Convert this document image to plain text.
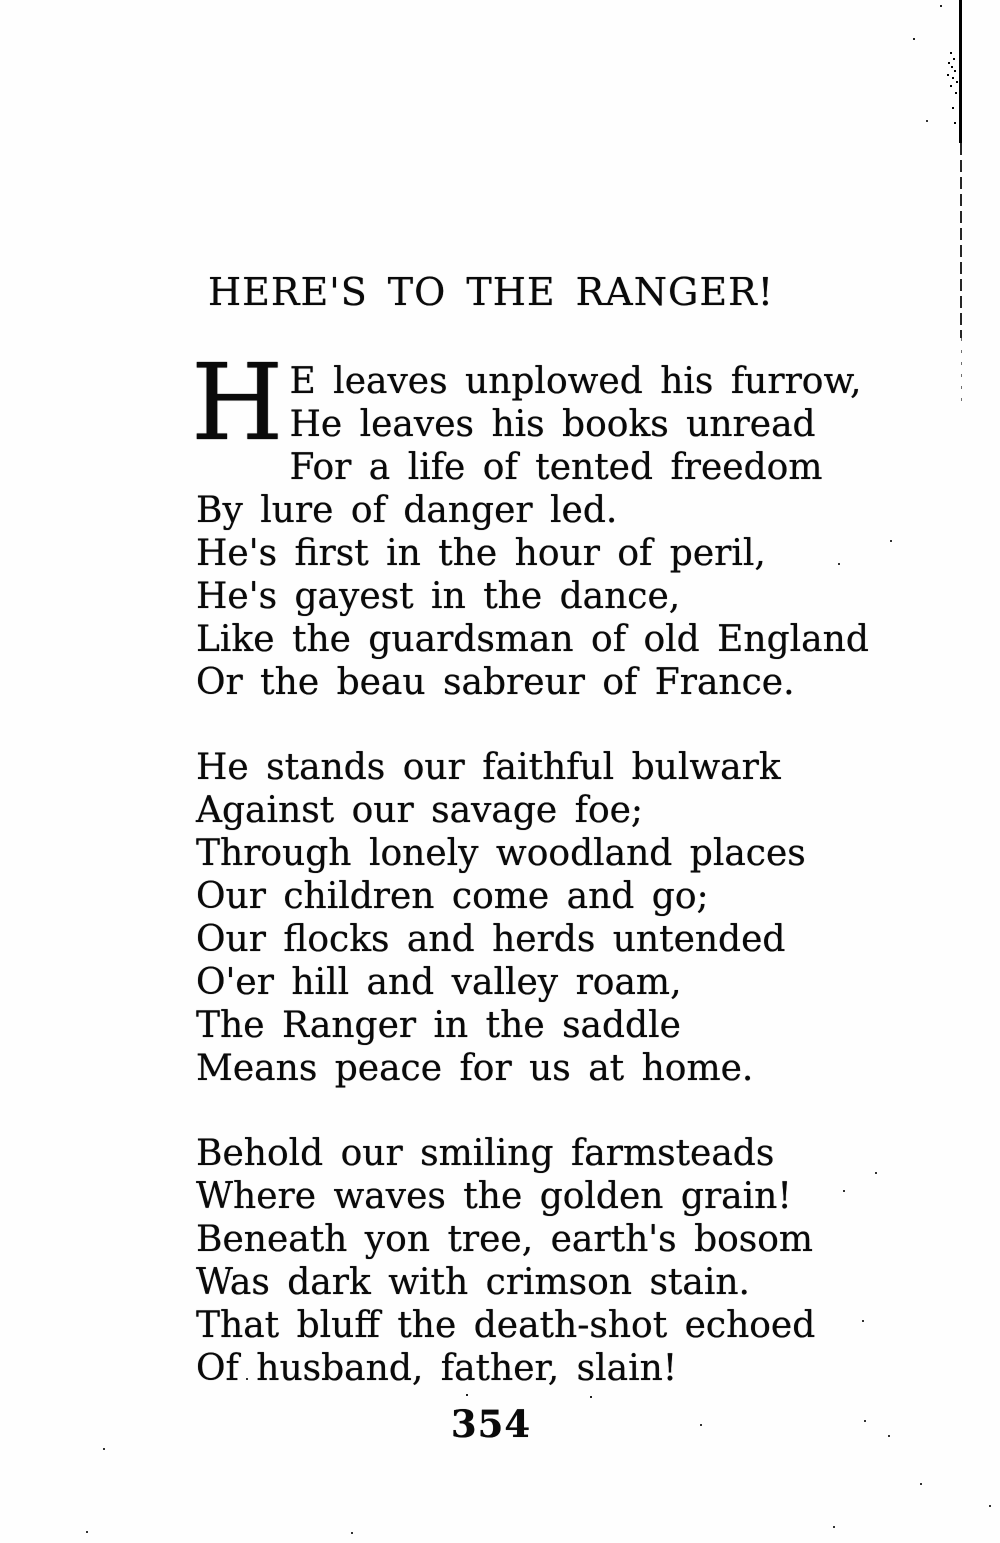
HERE'S TO THE RANGER!
H E leaves unplowed his furrow,
He leaves his books unread
For a life of tented freedom
By lure of danger led.
He's first in the hour of peril,
He's gayest in the dance,
Like the guardsman of old England
Or the beau sabreur of France.
He stands our faithful bulwark
Against our savage foe;
Through lonely woodland places
Our children come and go;
Our flocks and herds untended
O'er hill and valley roam,
The Ranger in the saddle
Means peace for us at home.
Behold our smiling farmsteads
Where waves the golden grain!
Beneath yon tree, earth's bosom
Was dark with crimson stain.
That bluff the death-shot echoed
Of husband, father, slain!
354
